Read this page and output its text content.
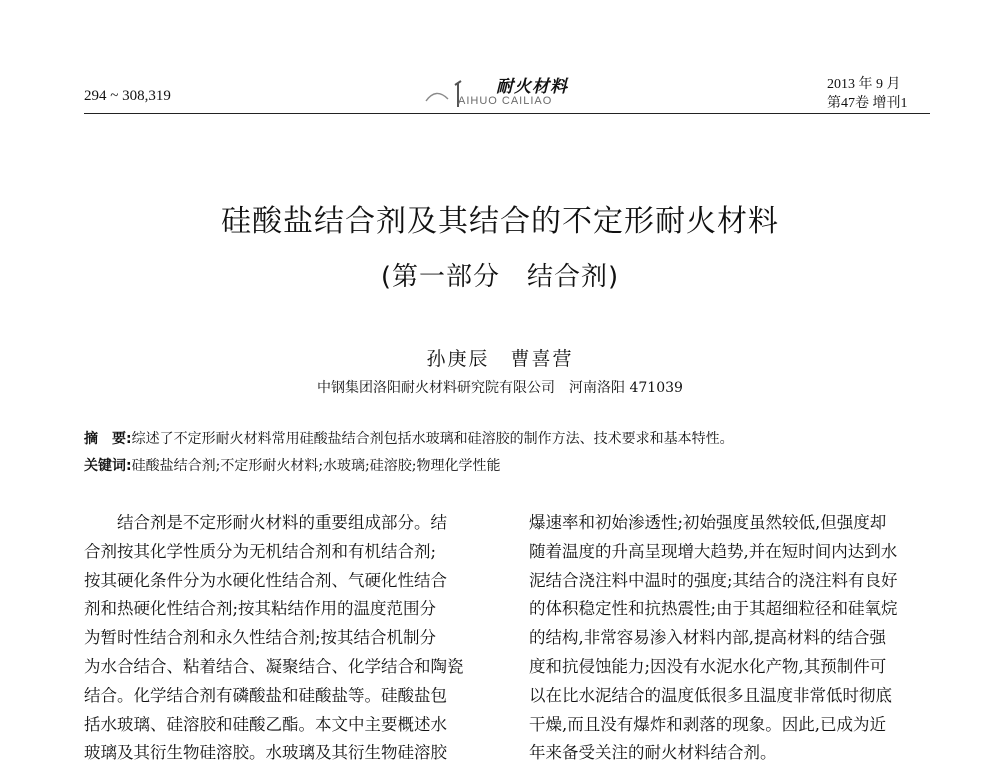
294 ~ 308,319	耐火材料
AIHUO CAILIAO
2013 年 9 月
第47卷 增刊1
硅酸盐结合剂及其结合的不定形耐火材料
(第一部分　结合剂)
孙庚辰　曹喜营
中钢集团洛阳耐火材料研究院有限公司　河南洛阳 471039
摘　要:综述了不定形耐火材料常用硅酸盐结合剂包括水玻璃和硅溶胶的制作方法、技术要求和基本特性。
关键词:硅酸盐结合剂;不定形耐火材料;水玻璃;硅溶胶;物理化学性能
　　结合剂是不定形耐火材料的重要组成部分。结
合剂按其化学性质分为无机结合剂和有机结合剂;
按其硬化条件分为水硬化性结合剂、气硬化性结合
剂和热硬化性结合剂;按其粘结作用的温度范围分
为暂时性结合剂和永久性结合剂;按其结合机制分
为水合结合、粘着结合、凝聚结合、化学结合和陶瓷
结合。化学结合剂有磷酸盐和硅酸盐等。硅酸盐包
括水玻璃、硅溶胶和硅酸乙酯。本文中主要概述水
玻璃及其衍生物硅溶胶。水玻璃及其衍生物硅溶胶
爆速率和初始渗透性;初始强度虽然较低,但强度却
随着温度的升高呈现增大趋势,并在短时间内达到水
泥结合浇注料中温时的强度;其结合的浇注料有良好
的体积稳定性和抗热震性;由于其超细粒径和硅氧烷
的结构,非常容易渗入材料内部,提高材料的结合强
度和抗侵蚀能力;因没有水泥水化产物,其预制件可
以在比水泥结合的温度低很多且温度非常低时彻底
干燥,而且没有爆炸和剥落的现象。因此,已成为近
年来备受关注的耐火材料结合剂。
